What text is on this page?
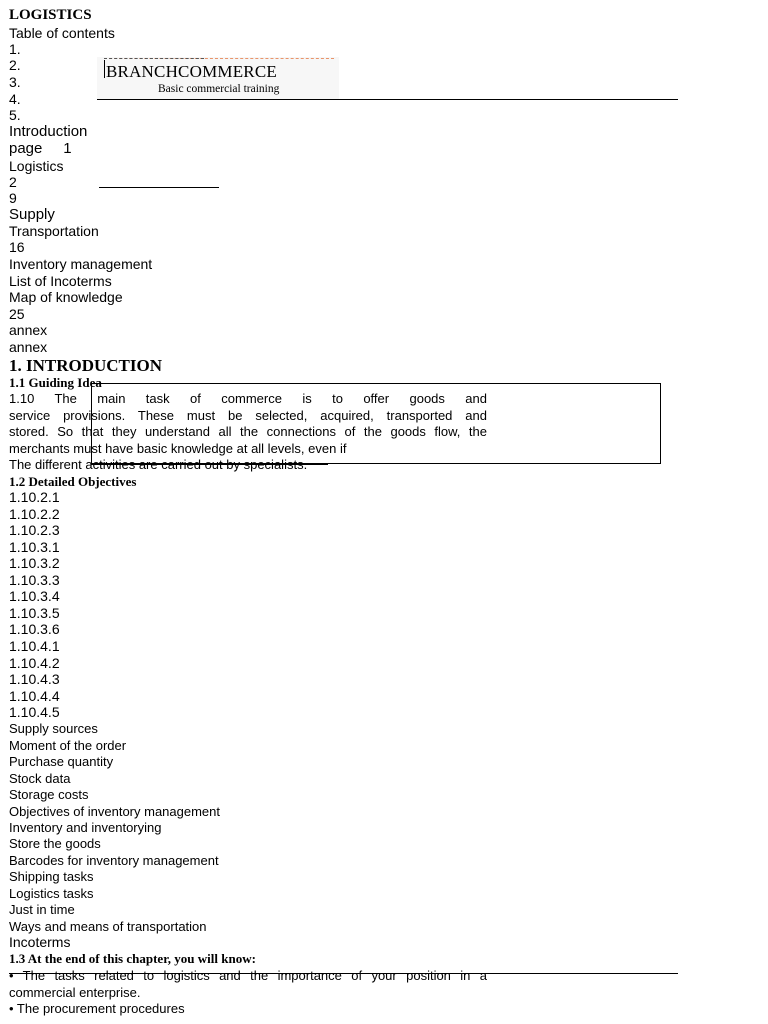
BRANCHCOMMERCE
Basic commercial training
LOGISTICS
Table of contents
1.
2.
3.
4.
5.
Introduction
page     1
Logistics
2
9
Supply
Transportation
16
Inventory management
List of Incoterms
Map of knowledge
25
annex
annex
1. INTRODUCTION
1.1 Guiding Idea
1.10 The main task of commerce is to offer goods and
service provisions. These must be selected, acquired, transported and
stored. So that they understand all the connections of the goods flow, the
merchants must have basic knowledge at all levels, even if
The different activities are carried out by specialists.
1.2 Detailed Objectives
1.10.2.1
1.10.2.2
1.10.2.3
1.10.3.1
1.10.3.2
1.10.3.3
1.10.3.4
1.10.3.5
1.10.3.6
1.10.4.1
1.10.4.2
1.10.4.3
1.10.4.4
1.10.4.5
Supply sources
Moment of the order
Purchase quantity
Stock data
Storage costs
Objectives of inventory management
Inventory and inventorying
Store the goods
Barcodes for inventory management
Shipping tasks
Logistics tasks
Just in time
Ways and means of transportation
Incoterms
1.3 At the end of this chapter, you will know:
• The tasks related to logistics and the importance of your position in a
commercial enterprise.
• The procurement procedures
